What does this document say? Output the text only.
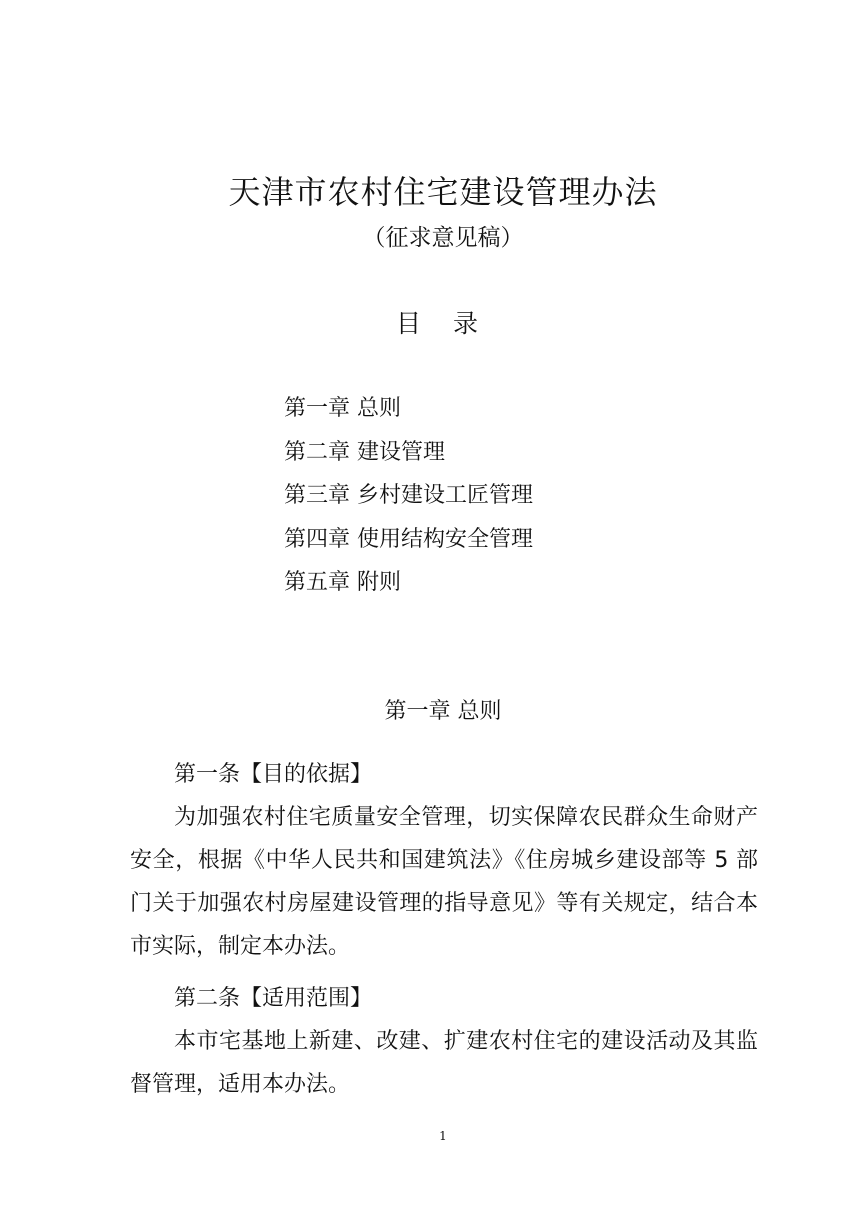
天津市农村住宅建设管理办法
（征求意见稿）
目 录
第一章 总则
第二章 建设管理
第三章 乡村建设工匠管理
第四章 使用结构安全管理
第五章 附则
第一章 总则

第一条【目的依据】

为加强农村住宅质量安全管理，切实保障农民群众生命财产安全，根据《中华人民共和国建筑法》《住房城乡建设部等 5 部门关于加强农村房屋建设管理的指导意见》等有关规定，结合本市实际，制定本办法。

第二条【适用范围】

本市宅基地上新建、改建、扩建农村住宅的建设活动及其监督管理，适用本办法。

1
